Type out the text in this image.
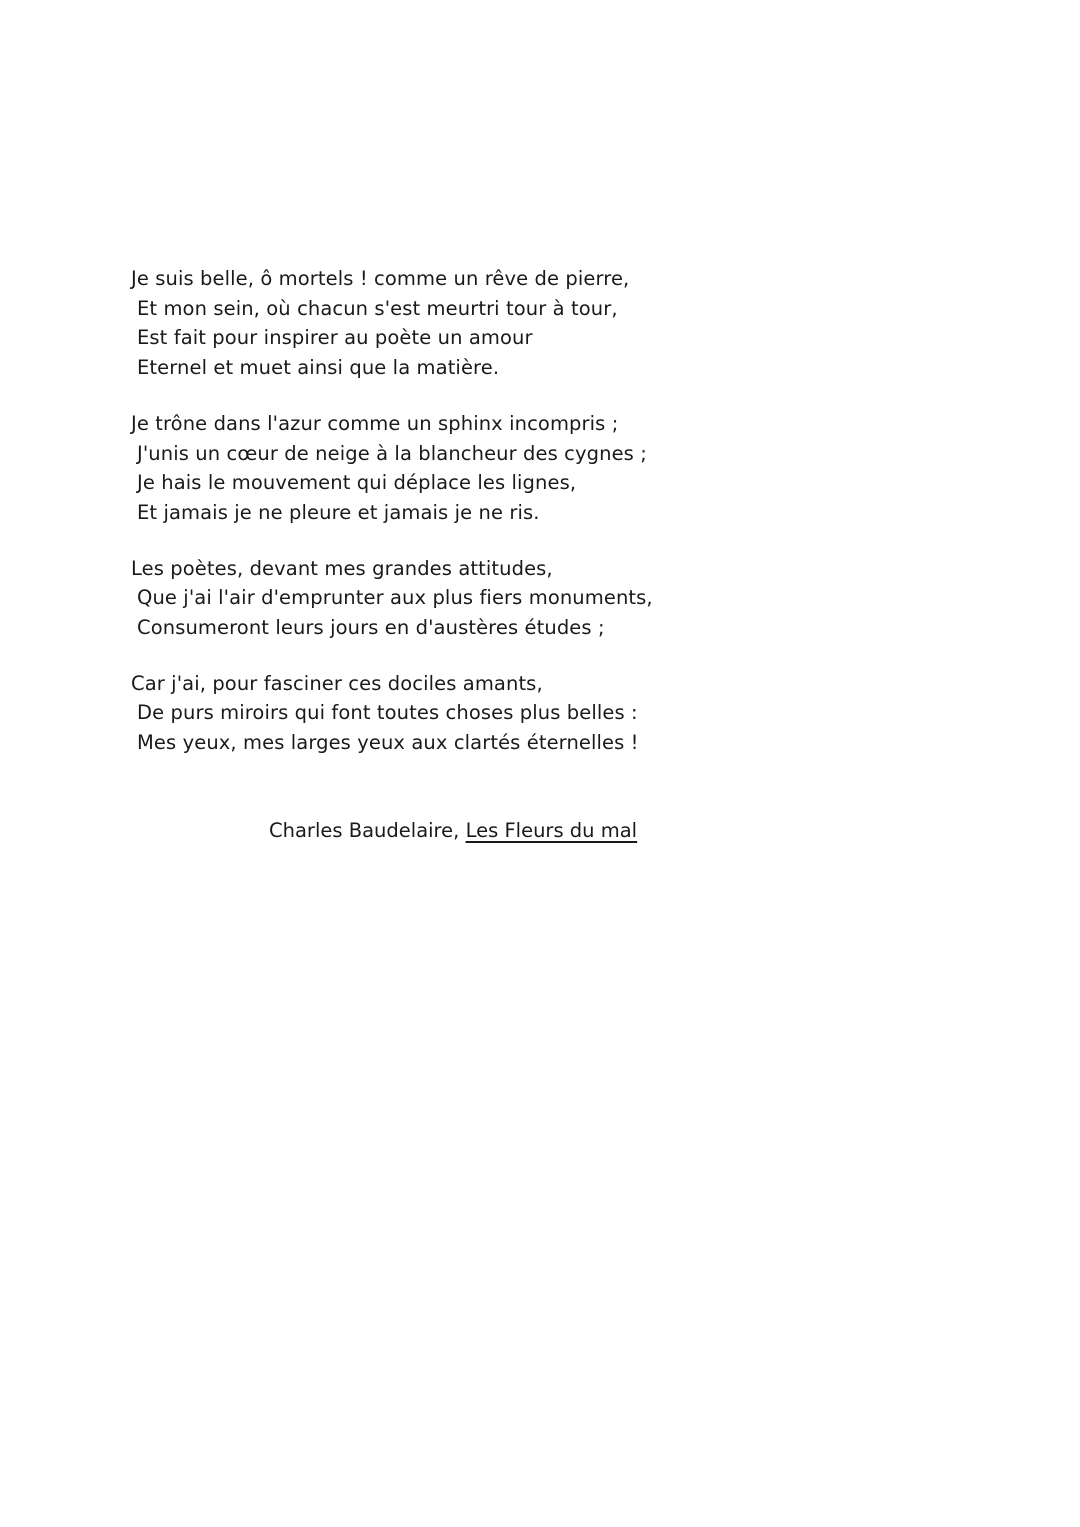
Je suis belle, ô mortels ! comme un rêve de pierre,
Et mon sein, où chacun s'est meurtri tour à tour,
Est fait pour inspirer au poète un amour
Eternel et muet ainsi que la matière.
Je trône dans l'azur comme un sphinx incompris ;
J'unis un cœur de neige à la blancheur des cygnes ;
Je hais le mouvement qui déplace les lignes,
Et jamais je ne pleure et jamais je ne ris.
Les poètes, devant mes grandes attitudes,
Que j'ai l'air d'emprunter aux plus fiers monuments,
Consumeront leurs jours en d'austères études ;
Car j'ai, pour fasciner ces dociles amants,
De purs miroirs qui font toutes choses plus belles :
Mes yeux, mes larges yeux aux clartés éternelles !
Charles Baudelaire, Les Fleurs du mal
